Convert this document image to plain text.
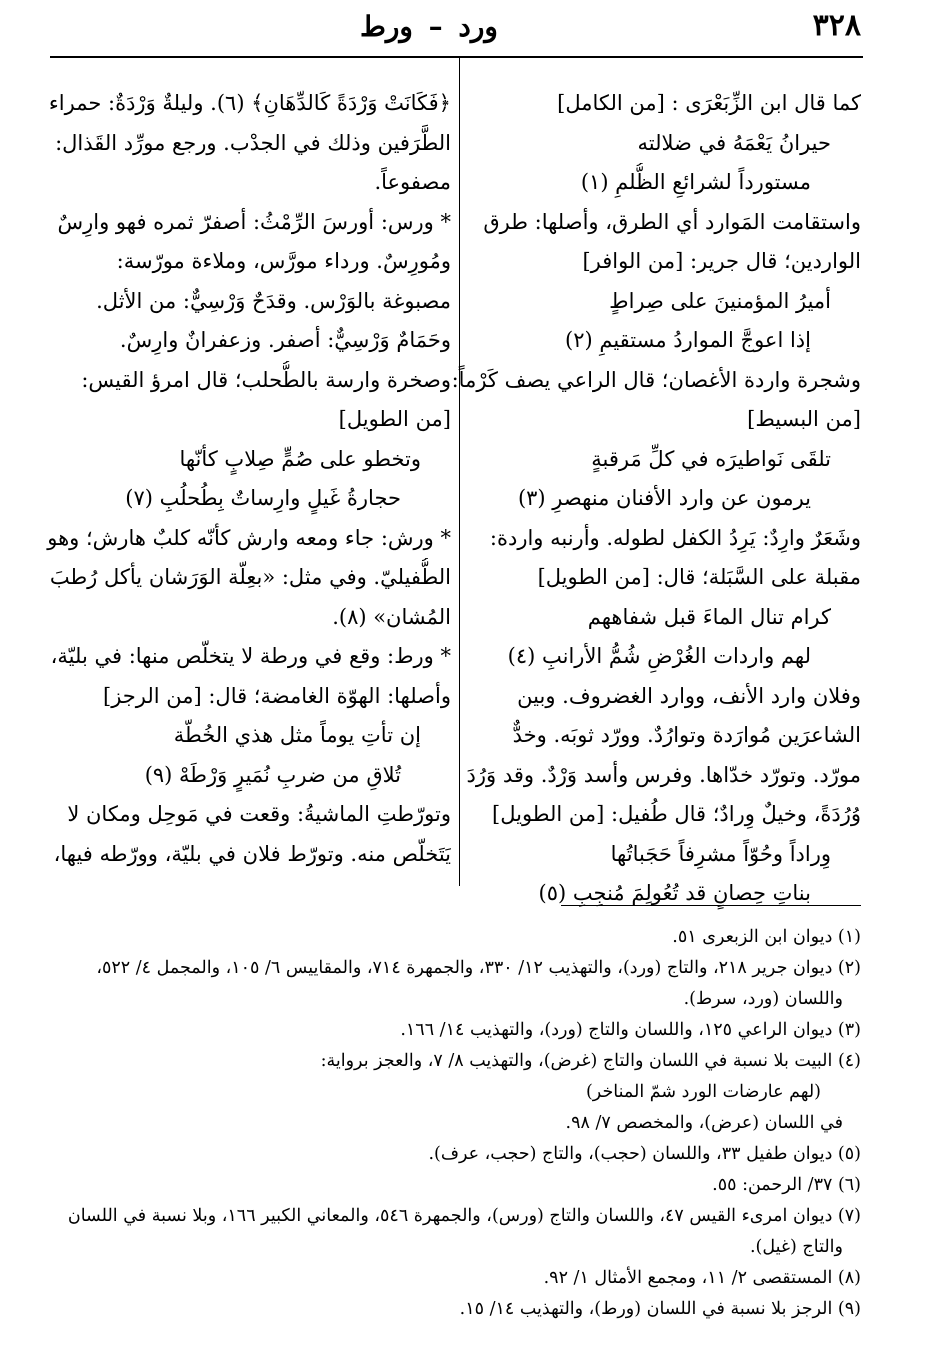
٣٢٨
ورد – ورط
كما قال ابن الزِّبَعْرَى : [من الكامل]
حيرانُ يَعْمَهُ في ضلالته
مستورداً لشرائعِ الظُّلمِ (١)
واستقامت المَوارد أي الطرق، وأصلها: طرق
الواردين؛ قال جرير: [من الوافر]
أميرُ المؤمنينَ على صِراطٍ
إذا اعوجَّ المواردُ مستقيمِ (٢)
وشجرة واردة الأغصان؛ قال الراعي يصف كَرْماً:
[من البسيط]
تلقَى نَواطيرَه في كلِّ مَرقبةٍ
يرمون عن وارد الأفنان منهصرِ (٣)
وشَعَرٌ وارِدٌ: يَرِدُ الكفل لطوله. وأرنبه واردة:
مقبلة على السَّبَلة؛ قال: [من الطويل]
كرام تنال الماءَ قبل شفاههم
لهم واردات الغُرْضِ شُمُّ الأرانبِ (٤)
وفلان وارد الأنف، ووارد الغضروف. وبين
الشاعرَين مُوارَدة وتوارُدٌ. وورّد ثوبَه. وخدٌّ
مورّد. وتورّد خدّاها. وفرس وأسد وَرْدٌ. وقد وَرُدَ
وُرُدَةً، وخيلٌ وِرادٌ؛ قال طُفيل: [من الطويل]
وِراداً وحُوّاً مشرِفاً حَجَباتُها
بناتِ حِصانٍ قد تُعُولِمَ مُنجِبِ (٥)
﴿فَكَانَتْ وَرْدَةً كَالدِّهَانِ﴾ (٦). وليلةٌ وَرْدَةٌ: حمراء
الطَّرَفين وذلك في الجدْب. ورجع مورِّد القَذال:
مصفوعاً.
* ورس: أورسَ الرِّمْثُ: أصفرّ ثمره فهو وارِسٌ
ومُورِسٌ. ورداء مورَّس، وملاءة مورّسة:
مصبوغة بالوَرْس. وقدَحٌ وَرْسِيٌّ: من الأثل.
وحَمَامٌ وَرْسِيٌّ: أصفر. وزعفرانٌ وارِسٌ.
وصخرة وارسة بالطُّحلب؛ قال امرؤ القيس:
[من الطويل]
وتخطو على صُمٍّ صِلابٍ كأنّها
حجارةُ غَيلٍ وارِساتٌ بِطُحلُبِ (٧)
* ورش: جاء ومعه وارش كأنّه كلبٌ هارش؛ وهو
الطُّفيليّ. وفي مثل: «بعِلّة الوَرَشان يأكل رُطبَ
المُشان» (٨).
* ورط: وقع في ورطة لا يتخلّص منها: في بليّة،
وأصلها: الهوّة الغامضة؛ قال: [من الرجز]
إن تأتِ يوماً مثل هذي الخُطّة
تُلاقِ من ضربِ نُمَيرٍ وَرْطَهْ (٩)
وتورّطتِ الماشيةُ: وقعت في مَوحِل ومكان لا
يَتَخلّص منه. وتورّط فلان في بليّة، وورّطه فيها،
(١) ديوان ابن الزبعرى ٥١.
(٢) ديوان جرير ٢١٨، والتاج (ورد)، والتهذيب ١٢/ ٣٣٠، والجمهرة ٧١٤، والمقاييس ٦/ ١٠٥، والمجمل ٤/ ٥٢٢،
واللسان (ورد، سرط).
(٣) ديوان الراعي ١٢٥، واللسان والتاج (ورد)، والتهذيب ١٤/ ١٦٦.
(٤) البيت بلا نسبة في اللسان والتاج (غرض)، والتهذيب ٨/ ٧، والعجز برواية:
(لهم عارضات الورد شمّ المناخر)
في اللسان (عرض)، والمخصص ٧/ ٩٨.
(٥) ديوان طفيل ٣٣، واللسان (حجب)، والتاج (حجب، عرف).
(٦) ٣٧/ الرحمن: ٥٥.
(٧) ديوان امرىء القيس ٤٧، واللسان والتاج (ورس)، والجمهرة ٥٤٦، والمعاني الكبير ١٦٦، وبلا نسبة في اللسان
والتاج (غيل).
(٨) المستقصى ٢/ ١١، ومجمع الأمثال ١/ ٩٢.
(٩) الرجز بلا نسبة في اللسان (ورط)، والتهذيب ١٤/ ١٥.
